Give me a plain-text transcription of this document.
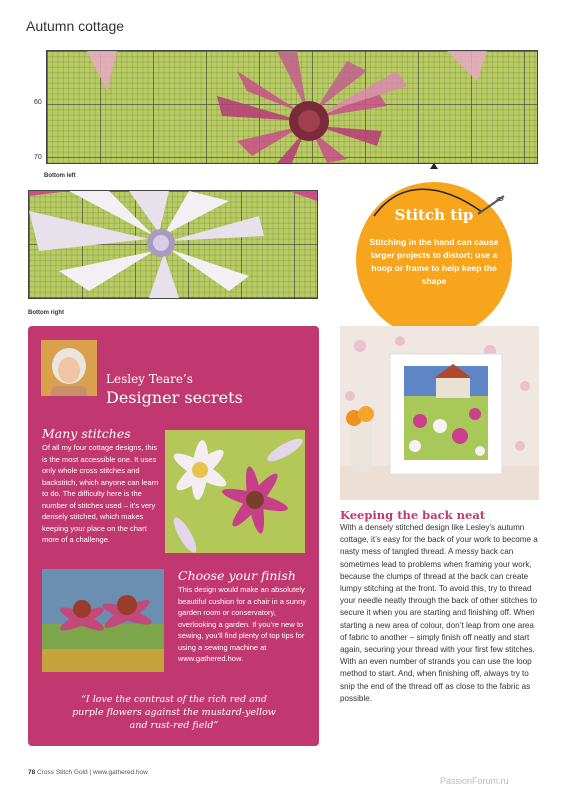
Autumn cottage
60
70
Bottom left
Bottom right
Stitch tip
Stitching in the hand can cause larger projects to distort; use a hoop or frame to help keep the shape
Lesley Teare’s
Designer secrets
Many stitches
Of all my four cottage designs, this is the most accessible one. It uses only whole cross stitches and backstitch, which anyone can learn to do. The difficulty here is the number of stitches used – it’s very densely stitched, which makes keeping your place on the chart more of a challenge.
Choose your finish
This design would make an absolutely beautiful cushion for a chair in a sunny garden room or conservatory, overlooking a garden. If you’re new to sewing, you’ll find plenty of top tips for using a sewing machine at www.gathered.how.
“I love the contrast of the rich red and purple flowers against the mustard-yellow and rust-red field”
Keeping the back neat
With a densely stitched design like Lesley’s autumn cottage, it’s easy for the back of your work to become a nasty mess of tangled thread. A messy back can sometimes lead to problems when framing your work, because the clumps of thread at the back can create lumpy stitching at the front. To avoid this, try to thread your needle neatly through the back of other stitches to secure it when you are starting and finishing off. When starting a new area of colour, don’t leap from one area of fabric to another – simply finish off neatly and start again, securing your thread with your first few stitches. With an even number of strands you can use the loop method to start. And, when finishing off, always try to snip the end of the thread off as close to the fabric as possible.
78 Cross Stitch Gold | www.gathered.how
PassionForum.ru
